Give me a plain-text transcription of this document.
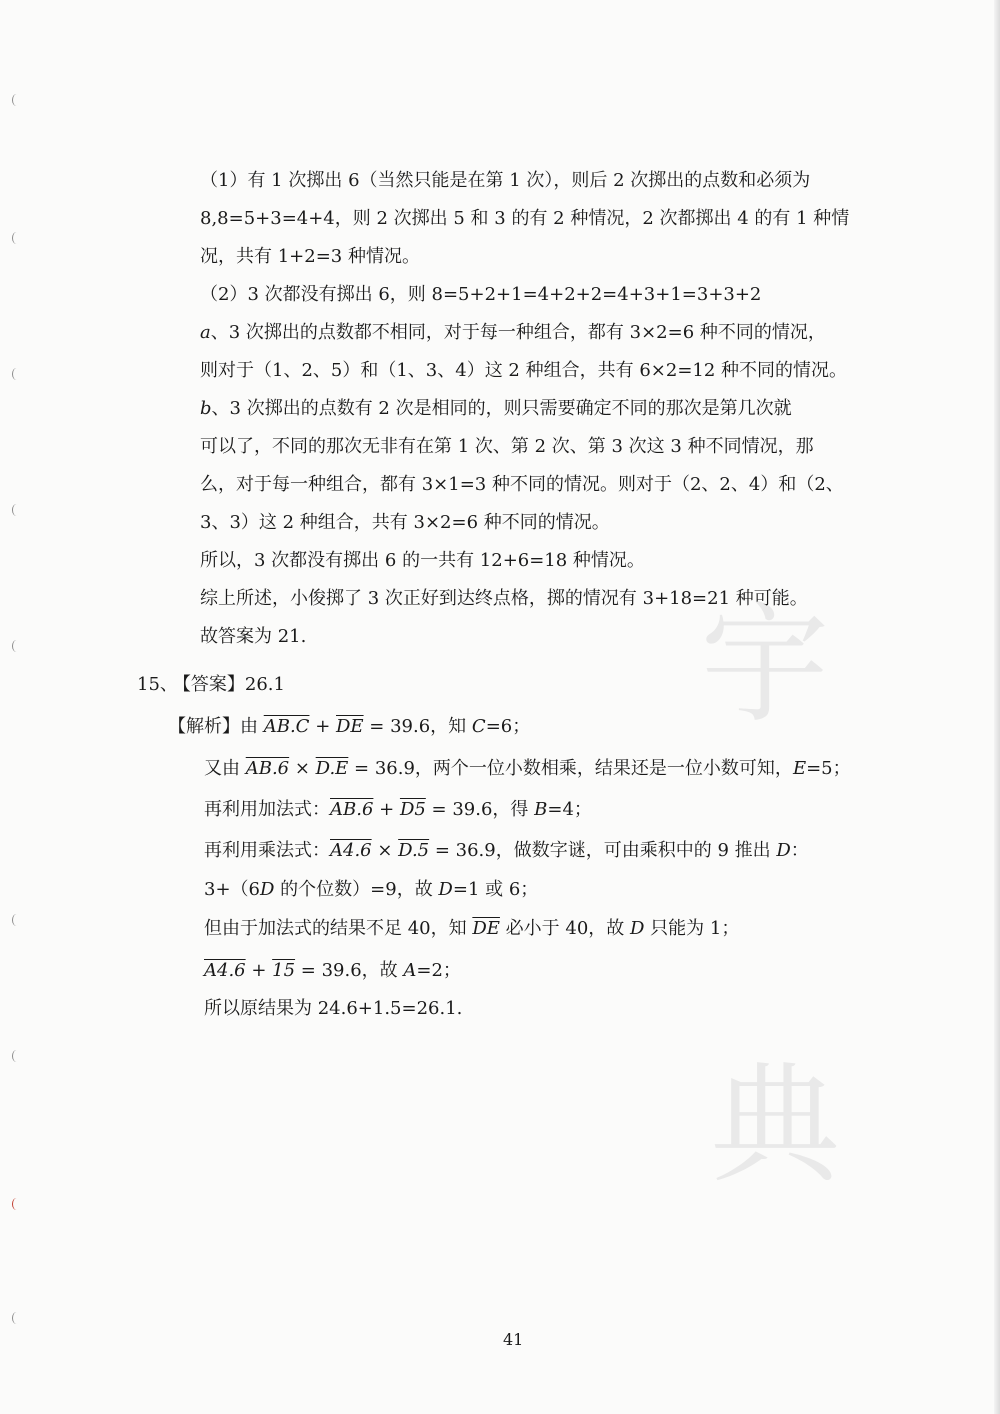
宇
典
（1）有 1 次掷出 6（当然只能是在第 1 次），则后 2 次掷出的点数和必须为
8,8=5+3=4+4，则 2 次掷出 5 和 3 的有 2 种情况，2 次都掷出 4 的有 1 种情
况，共有 1+2=3 种情况。
（2）3 次都没有掷出 6，则 8=5+2+1=4+2+2=4+3+1=3+3+2
a、3 次掷出的点数都不相同，对于每一种组合，都有 3×2=6 种不同的情况，
则对于（1、2、5）和（1、3、4）这 2 种组合，共有 6×2=12 种不同的情况。
b、3 次掷出的点数有 2 次是相同的，则只需要确定不同的那次是第几次就
可以了，不同的那次无非有在第 1 次、第 2 次、第 3 次这 3 种不同情况，那
么，对于每一种组合，都有 3×1=3 种不同的情况。则对于（2、2、4）和（2、
3、3）这 2 种组合，共有 3×2=6 种不同的情况。
所以，3 次都没有掷出 6 的一共有 12+6=18 种情况。
综上所述，小俊掷了 3 次正好到达终点格，掷的情况有 3+18=21 种可能。
故答案为 21.
15、 【答案】26.1
【解析】由 $AB.C + \overline{DE} = 39.6$，知 C=6；
又由 AB.6 × D.E = 36.9，两个一位小数相乘，结果还是一位小数可知，E=5；
再利用加法式：AB.6 + D5 = 39.6，得 B=4；
再利用乘法式：A4.6 × D.5 = 36.9，做数字谜，可由乘积中的 9 推出 D：
3+（6D 的个位数）=9，故 D=1 或 6；
但由于加法式的结果不足 40，知 $\overline{DE}$ 必小于 40，故 D 只能为 1；
A4.6 + 15 = 39.6，故 A=2；
所以原结果为 24.6+1.5=26.1.
41
